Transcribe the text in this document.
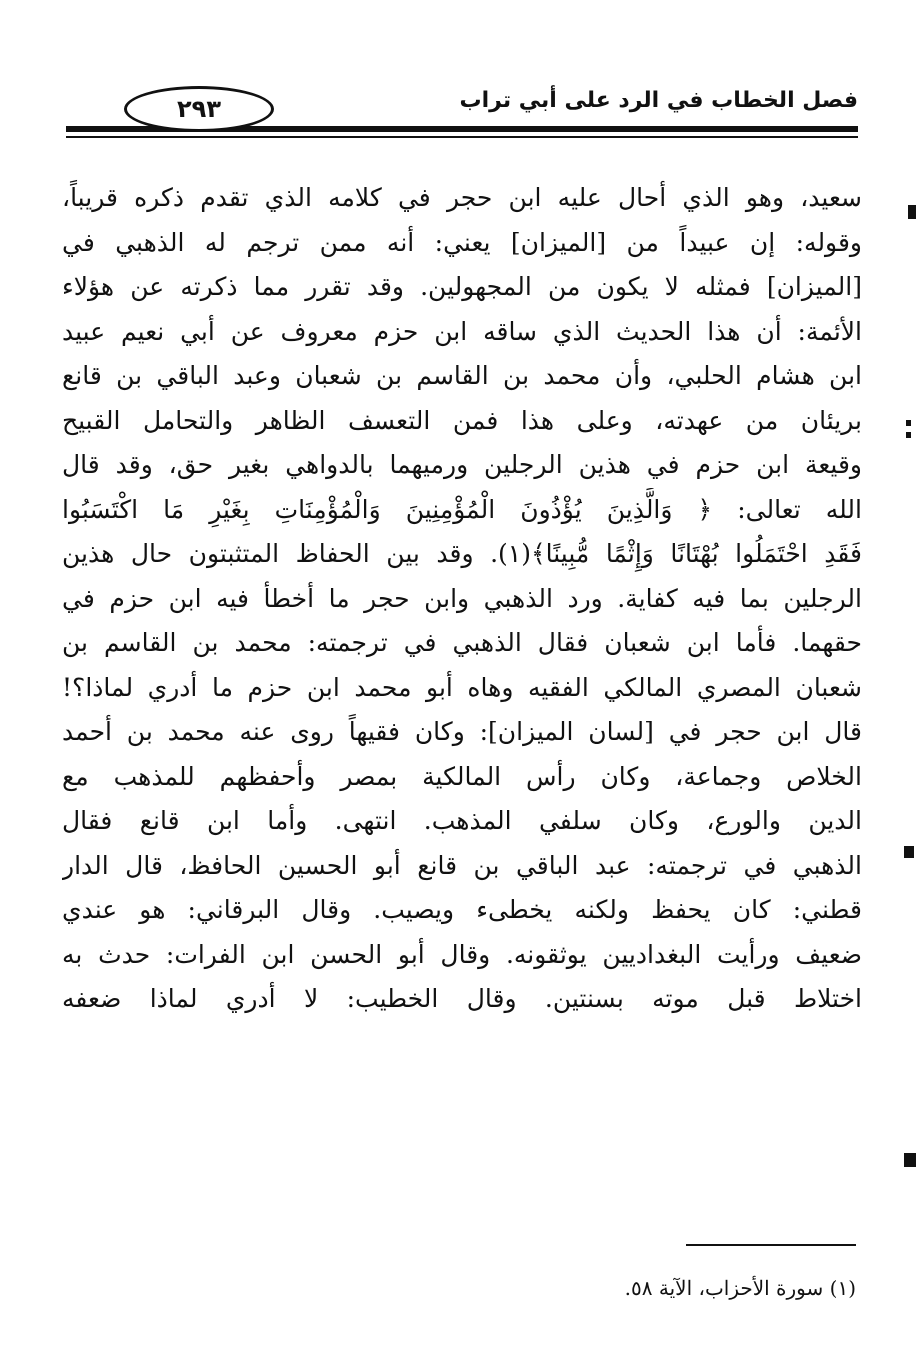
٢٩٣	فصل الخطاب في الرد على أبي تراب
سعيد، وهو الذي أحال عليه ابن حجر في كلامه الذي تقدم ذكره قريباً،
وقوله: إن عبيداً من [الميزان] يعني: أنه ممن ترجم له الذهبي في
[الميزان] فمثله لا يكون من المجهولين. وقد تقرر مما ذكرته عن هؤلاء
الأئمة: أن هذا الحديث الذي ساقه ابن حزم معروف عن أبي نعيم عبيد
ابن هشام الحلبي، وأن محمد بن القاسم بن شعبان وعبد الباقي بن قانع
بريئان من عهدته، وعلى هذا فمن التعسف الظاهر والتحامل القبيح
وقيعة ابن حزم في هذين الرجلين ورميهما بالدواهي بغير حق، وقد قال
الله تعالى: ﴿ وَالَّذِينَ يُؤْذُونَ الْمُؤْمِنِينَ وَالْمُؤْمِنَاتِ بِغَيْرِ مَا اكْتَسَبُوا
فَقَدِ احْتَمَلُوا بُهْتَانًا وَإِثْمًا مُّبِينًا﴾(١). وقد بين الحفاظ المتثبتون حال هذين
الرجلين بما فيه كفاية. ورد الذهبي وابن حجر ما أخطأ فيه ابن حزم في
حقهما. فأما ابن شعبان فقال الذهبي في ترجمته: محمد بن القاسم بن
شعبان المصري المالكي الفقيه وهاه أبو محمد ابن حزم ما أدري لماذا؟!
قال ابن حجر في [لسان الميزان]: وكان فقيهاً روى عنه محمد بن أحمد
الخلاص وجماعة، وكان رأس المالكية بمصر وأحفظهم للمذهب مع
الدين والورع، وكان سلفي المذهب. انتهى. وأما ابن قانع فقال
الذهبي في ترجمته: عبد الباقي بن قانع أبو الحسين الحافظ، قال الدار
قطني: كان يحفظ ولكنه يخطىء ويصيب. وقال البرقاني: هو عندي
ضعيف ورأيت البغداديين يوثقونه. وقال أبو الحسن ابن الفرات: حدث به
اختلاط قبل موته بسنتين. وقال الخطيب: لا أدري لماذا ضعفه
(١) سورة الأحزاب، الآية ٥٨.
